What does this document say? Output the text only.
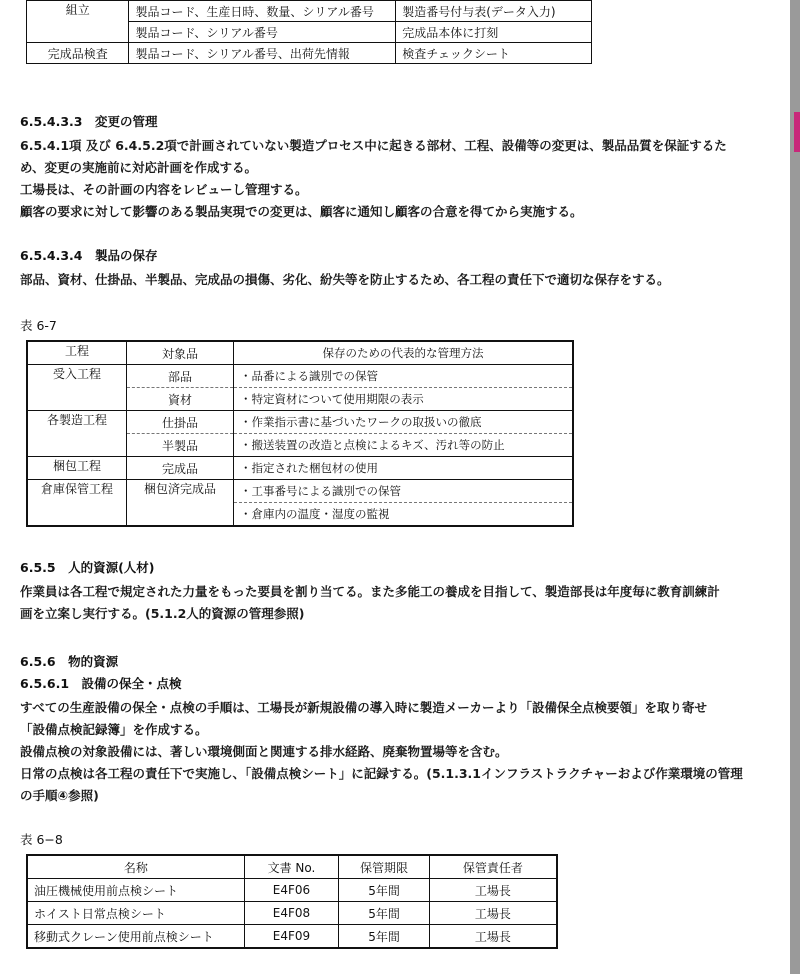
組立	製品コード、生産日時、数量、シリアル番号	製造番号付与表(データ入力)
	製品コード、シリアル番号	完成品本体に打刻
完成品検査	製品コード、シリアル番号、出荷先情報	検査チェックシート
6.5.4.3.3　変更の管理
6.5.4.1項 及び 6.4.5.2項で計画されていない製造プロセス中に起きる部材、工程、設備等の変更は、製品品質を保証するた
め、変更の実施前に対応計画を作成する。
工場長は、その計画の内容をレビューし管理する。
顧客の要求に対して影響のある製品実現での変更は、顧客に通知し顧客の合意を得てから実施する。
6.5.4.3.4　製品の保存
部品、資材、仕掛品、半製品、完成品の損傷、劣化、紛失等を防止するため、各工程の責任下で適切な保存をする。
表 6-7
工程	対象品	保存のための代表的な管理方法
受入工程	部品	・品番による識別での保管
	資材	・特定資材について使用期限の表示
各製造工程	仕掛品	・作業指示書に基づいたワークの取扱いの徹底
	半製品	・搬送装置の改造と点検によるキズ、汚れ等の防止
梱包工程	完成品	・指定された梱包材の使用
倉庫保管工程	梱包済完成品	・工事番号による識別での保管
		・倉庫内の温度・湿度の監視
6.5.5　人的資源(人材)
作業員は各工程で規定された力量をもった要員を割り当てる。また多能工の養成を目指して、製造部長は年度毎に教育訓練計
画を立案し実行する。(5.1.2人的資源の管理参照)
6.5.6　物的資源
6.5.6.1　設備の保全・点検
すべての生産設備の保全・点検の手順は、工場長が新規設備の導入時に製造メーカーより「設備保全点検要領」を取り寄せ
「設備点検記録簿」を作成する。
設備点検の対象設備には、著しい環境側面と関連する排水経路、廃棄物置場等を含む。
日常の点検は各工程の責任下で実施し、「設備点検シート」に記録する。(5.1.3.1インフラストラクチャーおよび作業環境の管理
の手順④参照)
表 6−8
名称	文書 No.	保管期限	保管責任者
油圧機械使用前点検シート	E4F06	5年間	工場長
ホイスト日常点検シート	E4F08	5年間	工場長
移動式クレーン使用前点検シート	E4F09	5年間	工場長
